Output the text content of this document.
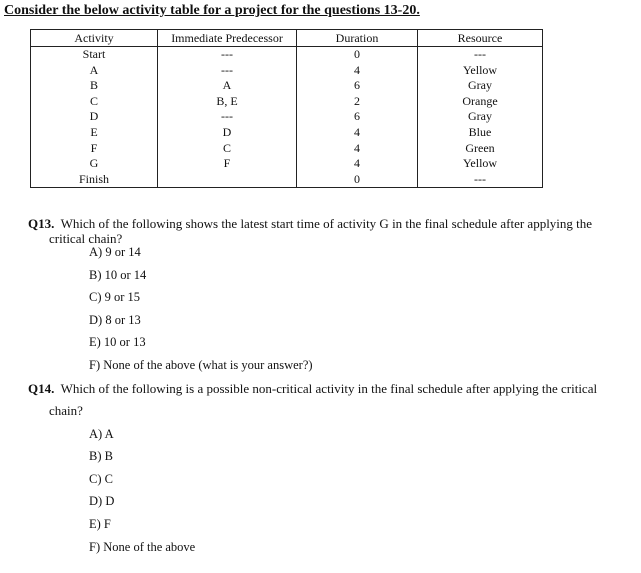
Consider the below activity table for a project for the questions 13-20.
Activity	Immediate Predecessor	Duration	Resource
Start	---	0	---
A	---	4	Yellow
B	A	6	Gray
C	B, E	2	Orange
D	---	6	Gray
E	D	4	Blue
F	C	4	Green
G	F	4	Yellow
Finish		0	---
Q13. Which of the following shows the latest start time of activity G in the final schedule after applying the
critical chain?
A) 9 or 14
B) 10 or 14
C) 9 or 15
D) 8 or 13
E) 10 or 13
F) None of the above (what is your answer?)
Q14. Which of the following is a possible non-critical activity in the final schedule after applying the critical
chain?
A) A
B) B
C) C
D) D
E) F
F) None of the above
